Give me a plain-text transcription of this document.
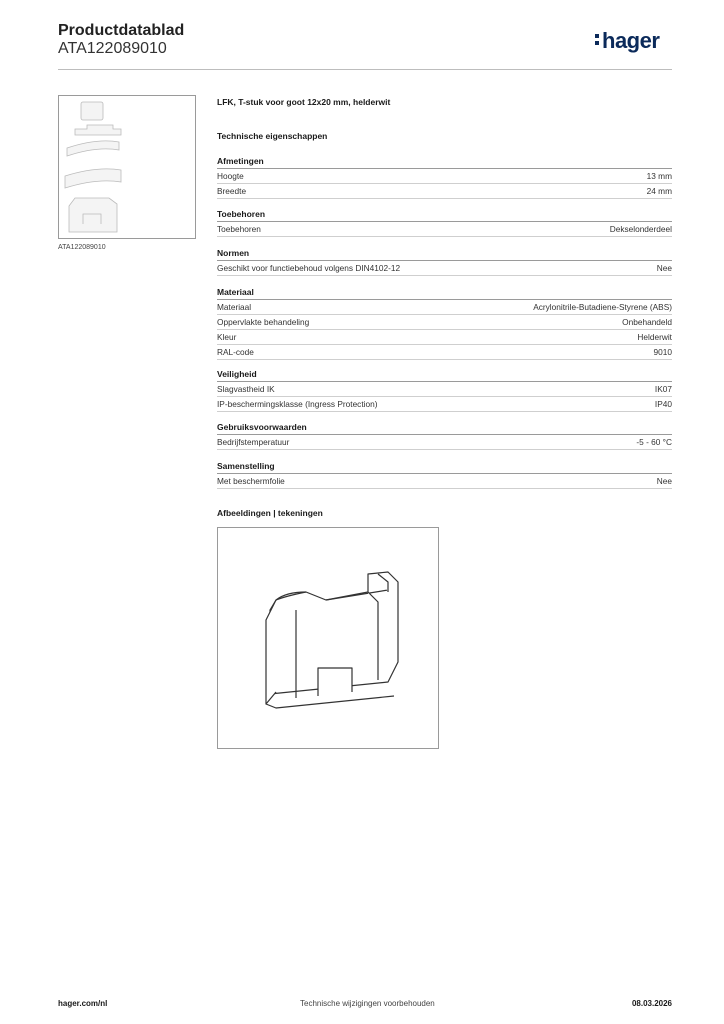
Productdatablad
ATA122089010	hager
ATA122089010
LFK, T-stuk voor goot 12x20 mm, helderwit
Technische eigenschappen
Afmetingen
Hoogte	13 mm
Breedte	24 mm
Toebehoren
Toebehoren	Dekselonderdeel
Normen
Geschikt voor functiebehoud volgens DIN4102-12	Nee
Materiaal
Materiaal	Acrylonitrile-Butadiene-Styrene (ABS)
Oppervlakte behandeling	Onbehandeld
Kleur	Helderwit
RAL-code	9010
Veiligheid
Slagvastheid IK	IK07
IP-beschermingsklasse (Ingress Protection)	IP40
Gebruiksvoorwaarden
Bedrijfstemperatuur	-5 - 60 °C
Samenstelling
Met beschermfolie	Nee
Afbeeldingen | tekeningen
hager.com/nl	Technische wijzigingen voorbehouden	08.03.2026
